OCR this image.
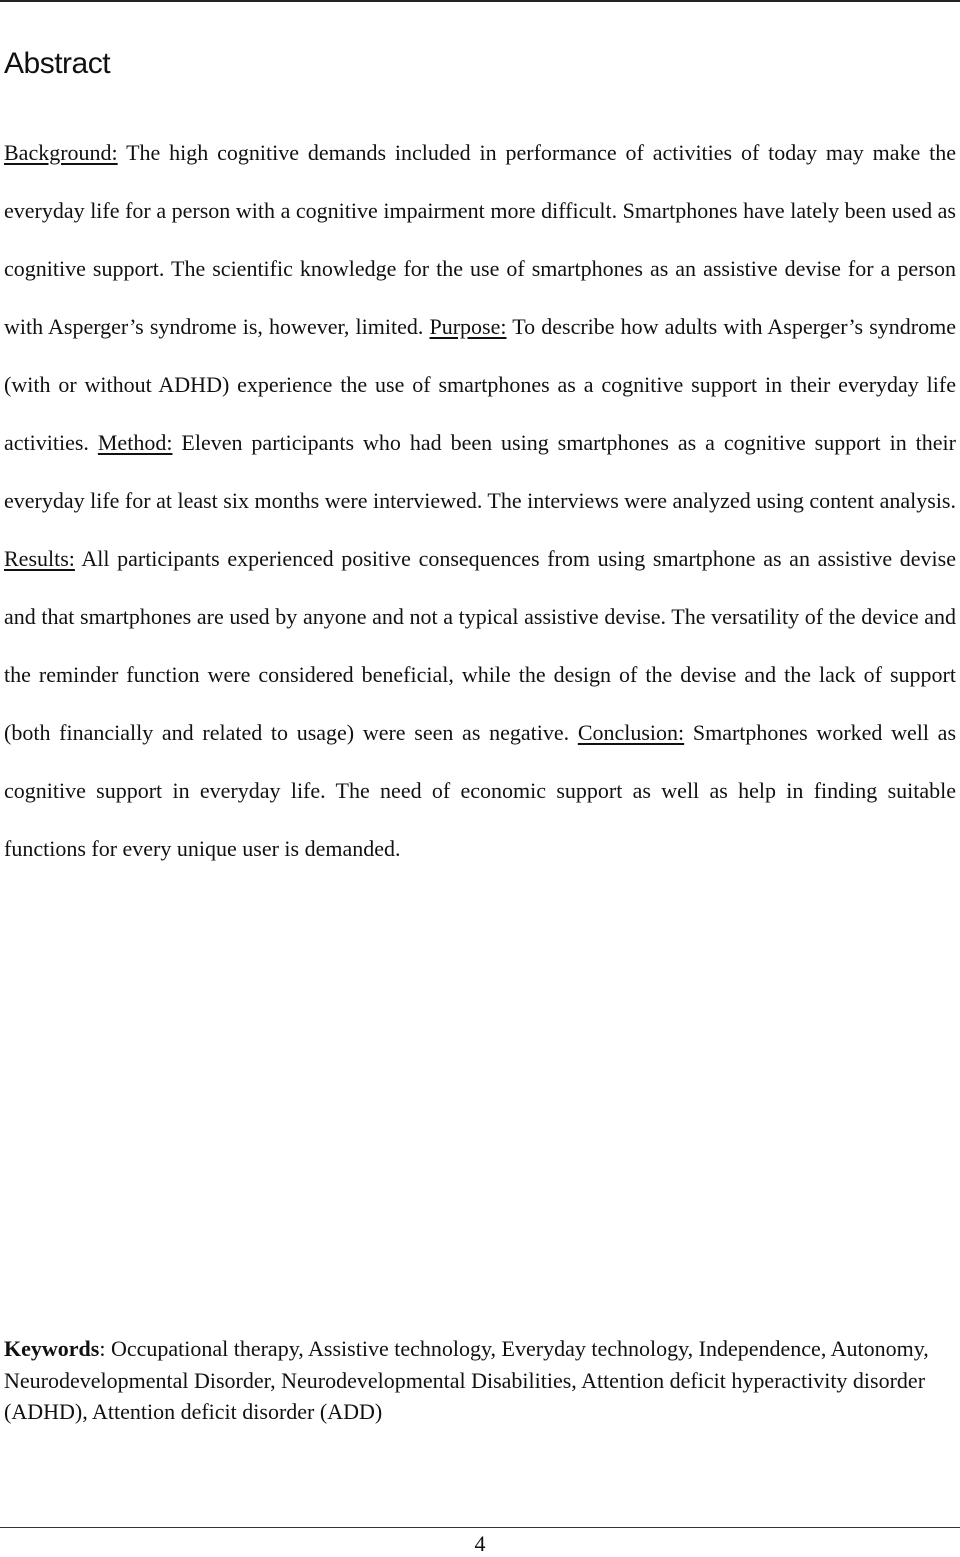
Abstract

Background: The high cognitive demands included in performance of activities of today may make the everyday life for a person with a cognitive impairment more difficult. Smartphones have lately been used as cognitive support. The scientific knowledge for the use of smartphones as an assistive devise for a person with Asperger’s syndrome is, however, limited. Purpose: To describe how adults with Asperger’s syndrome (with or without ADHD) experience the use of smartphones as a cognitive support in their everyday life activities. Method: Eleven participants who had been using smartphones as a cognitive support in their everyday life for at least six months were interviewed. The interviews were analyzed using content analysis. Results: All participants experienced positive consequences from using smartphone as an assistive devise and that smartphones are used by anyone and not a typical assistive devise. The versatility of the device and the reminder function were considered beneficial, while the design of the devise and the lack of support (both financially and related to usage) were seen as negative. Conclusion: Smartphones worked well as cognitive support in everyday life. The need of economic support as well as help in finding suitable functions for every unique user is demanded.

Keywords: Occupational therapy, Assistive technology, Everyday technology, Independence, Autonomy, Neurodevelopmental Disorder, Neurodevelopmental Disabilities, Attention deficit hyperactivity disorder (ADHD), Attention deficit disorder (ADD)

4
